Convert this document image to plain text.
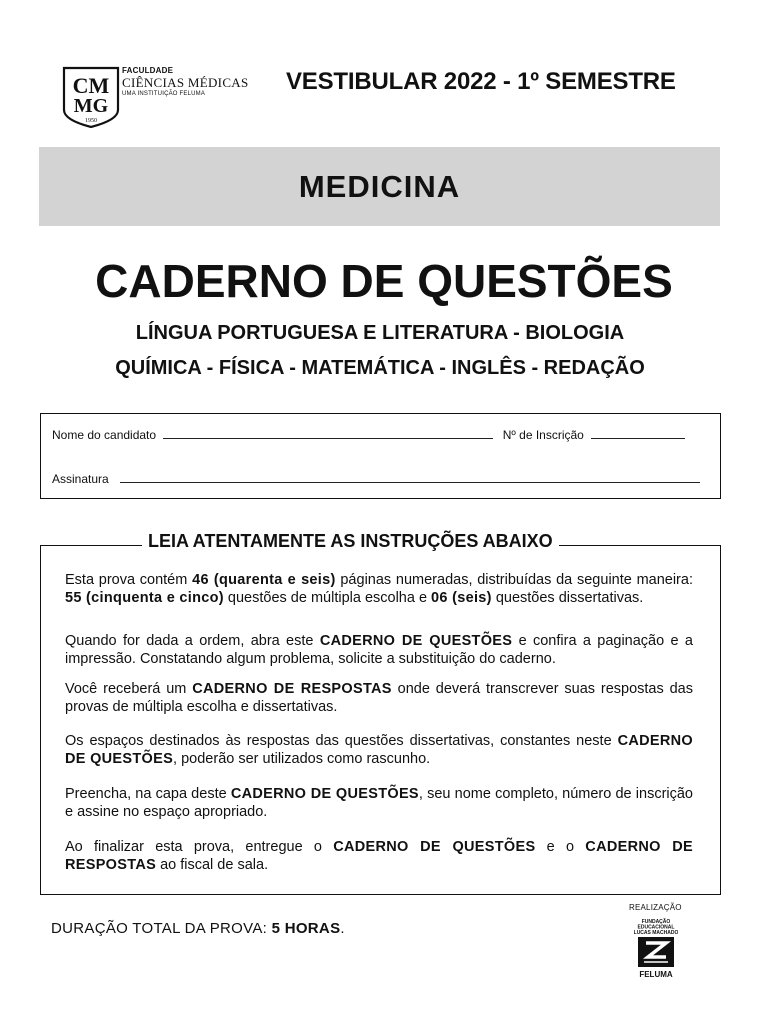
CM
MG
1950
FACULDADE
CIÊNCIAS MÉDICAS
UMA INSTITUIÇÃO FELUMA	VESTIBULAR 2022 - 1º SEMESTRE
MEDICINA
CADERNO DE QUESTÕES
LÍNGUA PORTUGUESA E LITERATURA - BIOLOGIA
QUÍMICA - FÍSICA - MATEMÁTICA - INGLÊS - REDAÇÃO
Nome do candidato	Nº de Inscrição
Assinatura
LEIA ATENTAMENTE AS INSTRUÇÕES ABAIXO
Esta prova contém 46 (quarenta e seis) páginas numeradas, distribuídas da seguinte maneira: 55 (cinquenta e cinco) questões de múltipla escolha e 06 (seis) questões dissertativas.
Quando for dada a ordem, abra este CADERNO DE QUESTÕES e confira a paginação e a impressão. Constatando algum problema, solicite a substituição do caderno.
Você receberá um CADERNO DE RESPOSTAS onde deverá transcrever suas respostas das provas de múltipla escolha e dissertativas.
Os espaços destinados às respostas das questões dissertativas, constantes neste CADERNO DE QUESTÕES, poderão ser utilizados como rascunho.
Preencha, na capa deste CADERNO DE QUESTÕES, seu nome completo, número de inscrição e assine no espaço apropriado.
Ao finalizar esta prova, entregue o CADERNO DE QUESTÕES e o CADERNO DE RESPOSTAS ao fiscal de sala.
DURAÇÃO TOTAL DA PROVA: 5 HORAS.
REALIZAÇÃO
FUNDAÇÃO
EDUCACIONAL
LUCAS MACHADO
FELUMA
